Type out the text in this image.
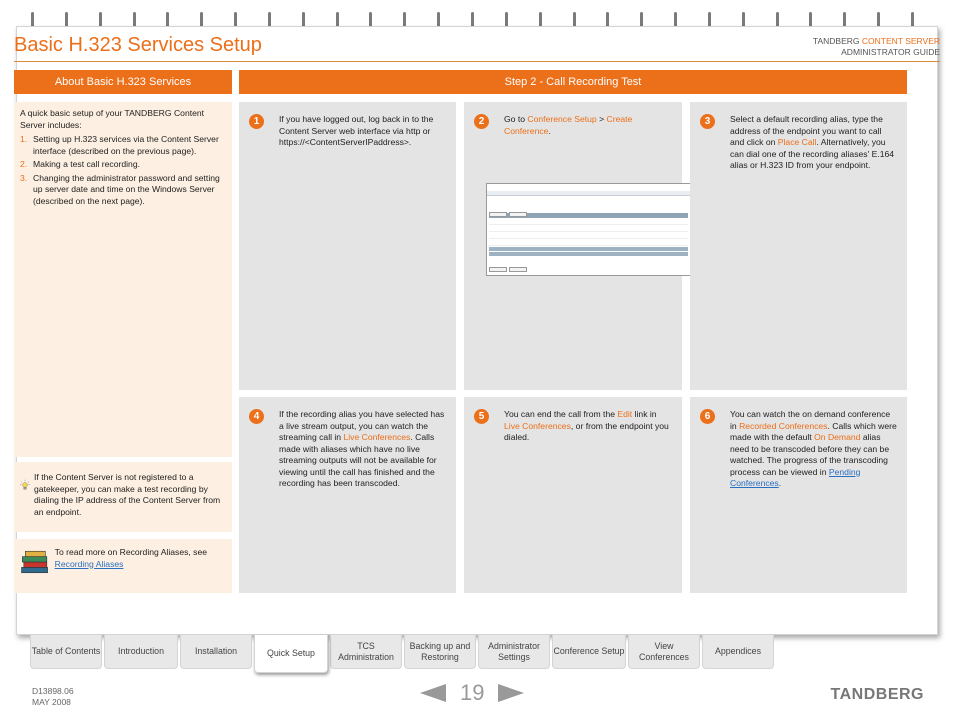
Basic H.323 Services Setup	TANDBERG CONTENT SERVER
ADMINISTRATOR GUIDE
About Basic H.323 Services	Step 2 - Call Recording Test
A quick basic setup of your TANDBERG Content Server includes:
1. Setting up H.323 services via the Content Server interface (described on the previous page).
2. Making a test call recording.
3. Changing the administrator password and setting up server date and time on the Windows Server (described on the next page).
If the Content Server is not registered to a gatekeeper, you can make a test recording by dialing the IP address of the Content Server from an endpoint.
To read more on Recording Aliases, see Recording Aliases
1	If you have logged out, log back in to the Content Server web interface via http or https://<ContentServerIPaddress>.
2	Go to Conference Setup > Create Conference.
3	Select a default recording alias, type the address of the endpoint you want to call and click on Place Call. Alternatively, you can dial one of the recording aliases' E.164 alias or H.323 ID from your endpoint.
4	If the recording alias you have selected has a live stream output, you can watch the streaming call in Live Conferences. Calls made with aliases which have no live streaming outputs will not be available for viewing until the call has finished and the recording has been transcoded.
5	You can end the call from the Edit link in Live Conferences, or from the endpoint you dialed.
6	You can watch the on demand conference in Recorded Conferences. Calls which were made with the default On Demand alias need to be transcoded before they can be watched. The progress of the transcoding process can be viewed in Pending Conferences.
Table of Contents	Introduction	Installation	Quick Setup
TCS Administration
Backing up and Restoring
Administrator Settings
Conference Setup
View Conferences
Appendices
D13898.06
MAY 2008	19	TANDBERG
